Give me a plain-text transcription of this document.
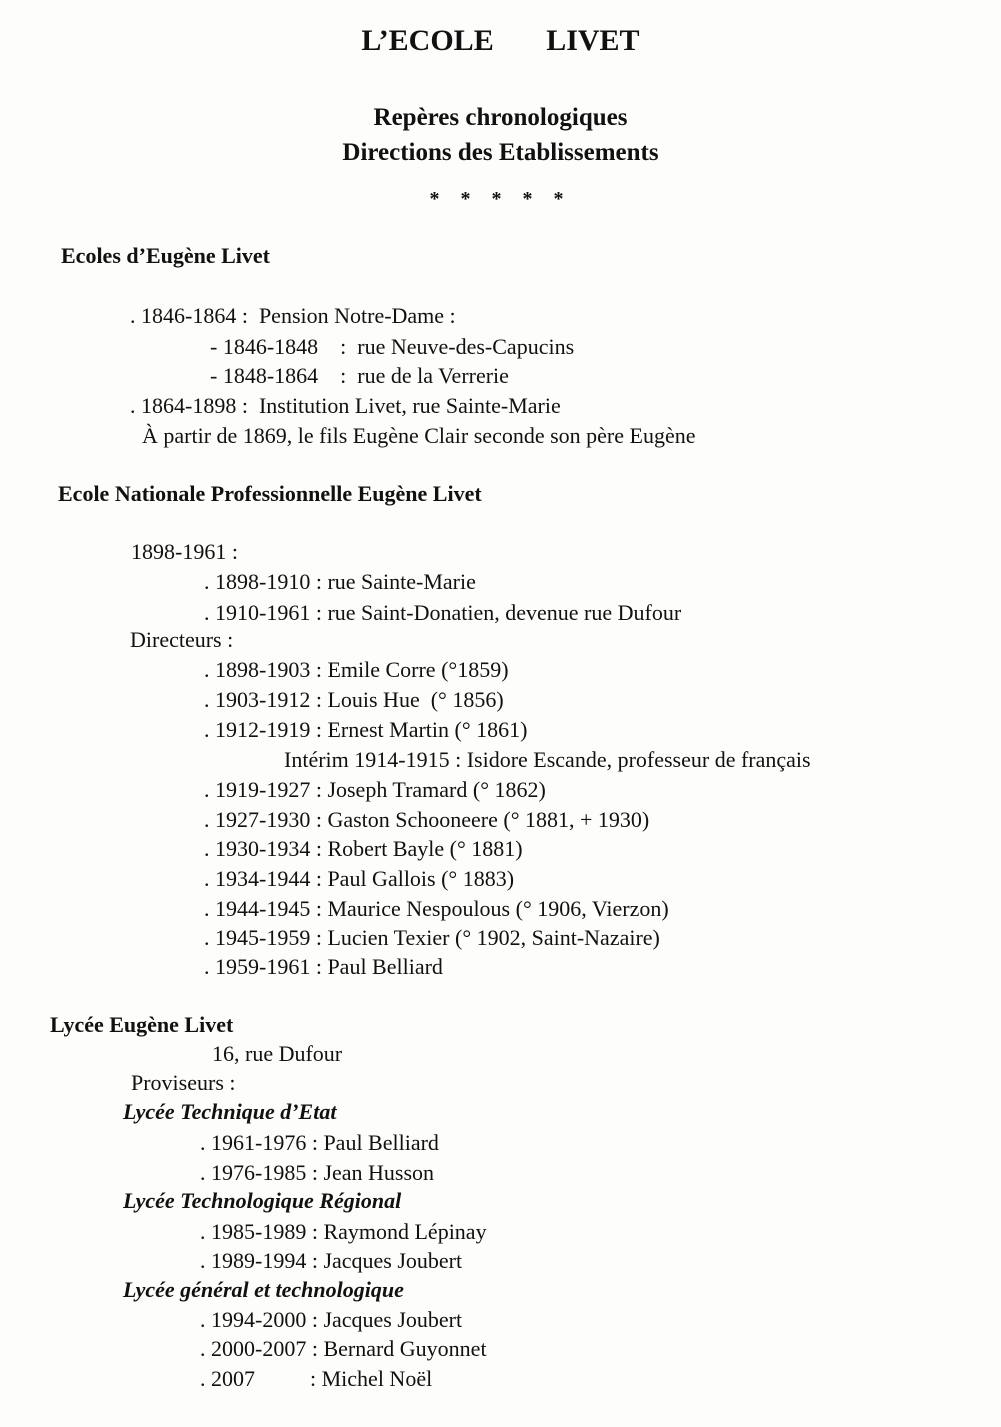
L’ECOLE   LIVET
Repères chronologiques
Directions des Etablissements
* * * * *
Ecoles d’Eugène Livet
. 1846-1864 :  Pension Notre-Dame :
- 1846-1848    :  rue Neuve-des-Capucins
- 1848-1864    :  rue de la Verrerie
. 1864-1898 :  Institution Livet, rue Sainte-Marie
À partir de 1869, le fils Eugène Clair seconde son père Eugène
Ecole Nationale Professionnelle Eugène Livet
1898-1961 :
. 1898-1910 : rue Sainte-Marie
. 1910-1961 : rue Saint-Donatien, devenue rue Dufour
Directeurs :
. 1898-1903 : Emile Corre (°1859)
. 1903-1912 : Louis Hue  (° 1856)
. 1912-1919 : Ernest Martin (° 1861)
Intérim 1914-1915 : Isidore Escande, professeur de français
. 1919-1927 : Joseph Tramard (° 1862)
. 1927-1930 : Gaston Schooneere (° 1881, + 1930)
. 1930-1934 : Robert Bayle (° 1881)
. 1934-1944 : Paul Gallois (° 1883)
. 1944-1945 : Maurice Nespoulous (° 1906, Vierzon)
. 1945-1959 : Lucien Texier (° 1902, Saint-Nazaire)
. 1959-1961 : Paul Belliard
Lycée Eugène Livet
16, rue Dufour
Proviseurs :
Lycée Technique d’Etat
. 1961-1976 : Paul Belliard
. 1976-1985 : Jean Husson
Lycée Technologique Régional
. 1985-1989 : Raymond Lépinay
. 1989-1994 : Jacques Joubert
Lycée général et technologique
. 1994-2000 : Jacques Joubert
. 2000-2007 : Bernard Guyonnet
. 2007          : Michel Noël
